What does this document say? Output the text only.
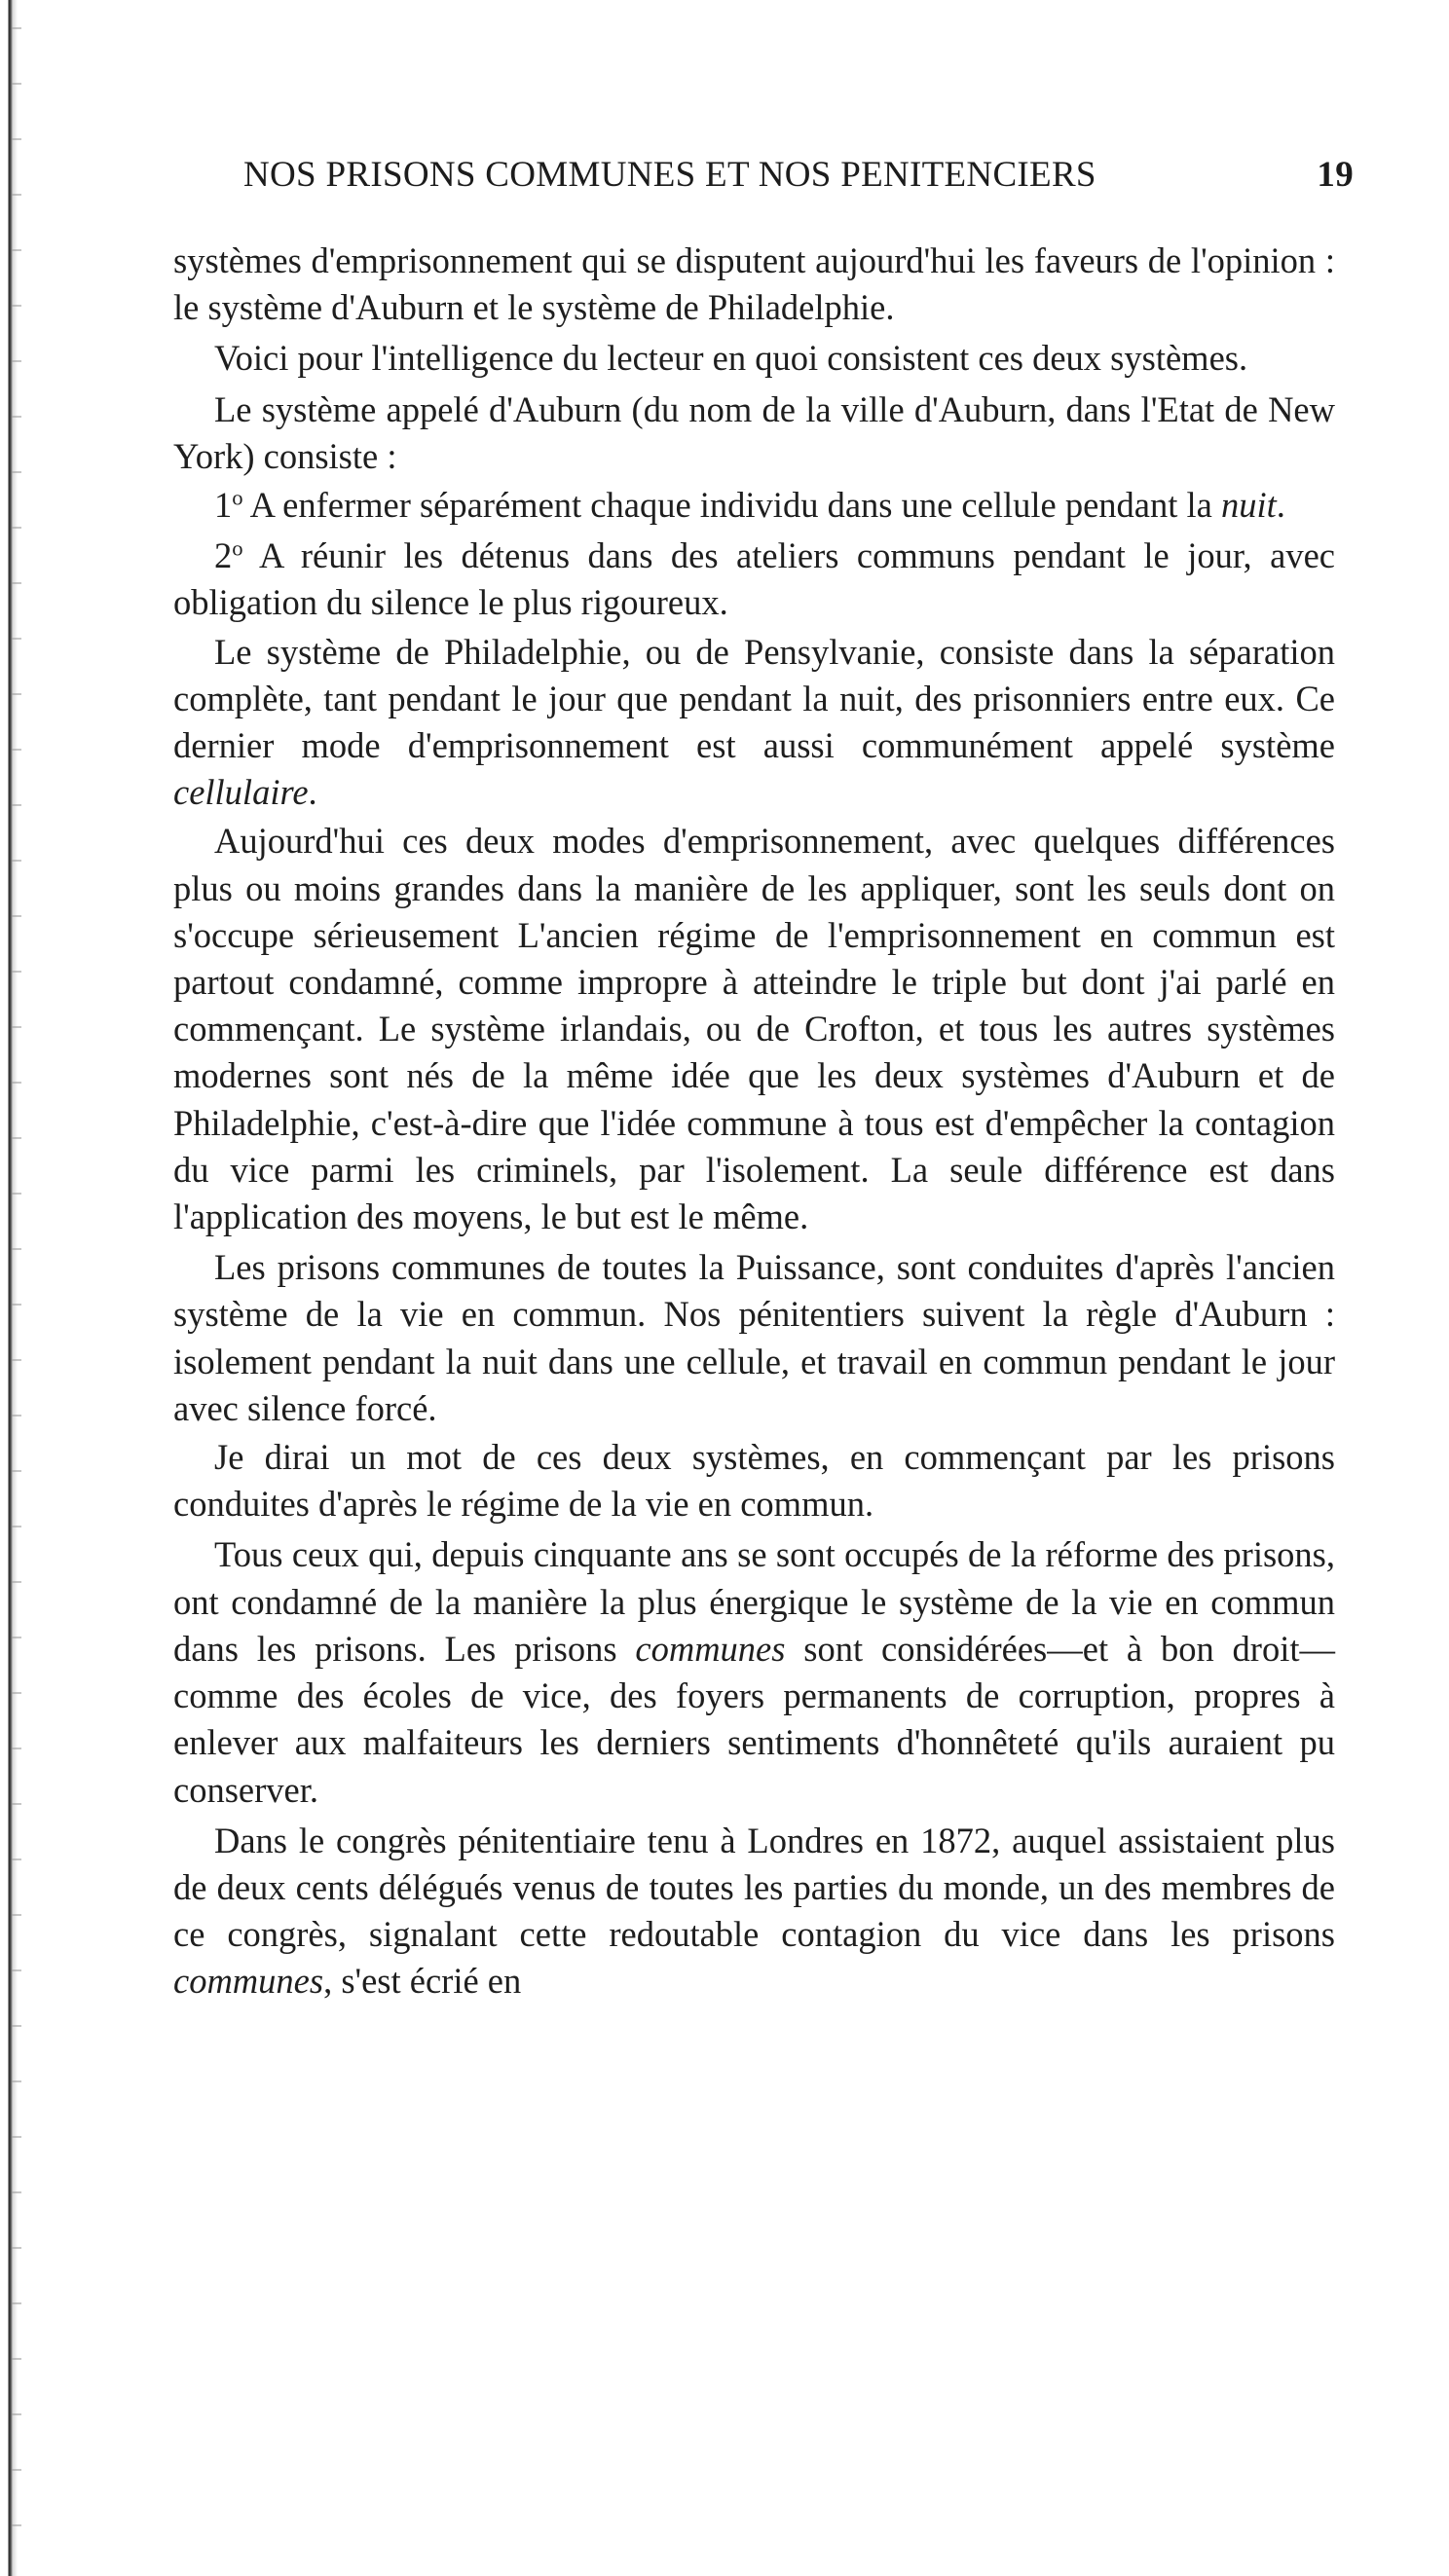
NOS PRISONS COMMUNES ET NOS PENITENCIERS	19

systèmes d'emprisonnement qui se disputent aujourd'hui les faveurs de l'opinion : le système d'Auburn et le système de Philadelphie.

Voici pour l'intelligence du lecteur en quoi consistent ces deux systèmes.

Le système appelé d'Auburn (du nom de la ville d'Auburn, dans l'Etat de New York) consiste :

1$^o$ A enfermer séparément chaque individu dans une cellule pendant la nuit.

2$^o$ A réunir les détenus dans des ateliers communs pendant le jour, avec obligation du silence le plus rigoureux.

Le système de Philadelphie, ou de Pensylvanie, consiste dans la séparation complète, tant pendant le jour que pendant la nuit, des prisonniers entre eux. Ce dernier mode d'emprisonnement est aussi communément appelé système cellulaire.

Aujourd'hui ces deux modes d'emprisonnement, avec quelques différences plus ou moins grandes dans la manière de les appliquer, sont les seuls dont on s'occupe sérieusement L'ancien régime de l'emprisonnement en commun est partout condamné, comme impropre à atteindre le triple but dont j'ai parlé en commençant. Le système irlandais, ou de Crofton, et tous les autres systèmes modernes sont nés de la même idée que les deux systèmes d'Auburn et de Philadelphie, c'est-à-dire que l'idée commune à tous est d'empêcher la contagion du vice parmi les criminels, par l'isolement. La seule différence est dans l'application des moyens, le but est le même.

Les prisons communes de toutes la Puissance, sont conduites d'après l'ancien système de la vie en commun. Nos pénitentiers suivent la règle d'Auburn : isolement pendant la nuit dans une cellule, et travail en commun pendant le jour avec silence forcé.

Je dirai un mot de ces deux systèmes, en commençant par les prisons conduites d'après le régime de la vie en commun.

Tous ceux qui, depuis cinquante ans se sont occupés de la réforme des prisons, ont condamné de la manière la plus énergique le système de la vie en commun dans les prisons. Les prisons communes sont considérées—et à bon droit—comme des écoles de vice, des foyers permanents de corruption, propres à enlever aux malfaiteurs les derniers sentiments d'honnêteté qu'ils auraient pu conserver.

Dans le congrès pénitentiaire tenu à Londres en 1872, auquel assistaient plus de deux cents délégués venus de toutes les parties du monde, un des membres de ce congrès, signalant cette redoutable contagion du vice dans les prisons communes, s'est écrié en
